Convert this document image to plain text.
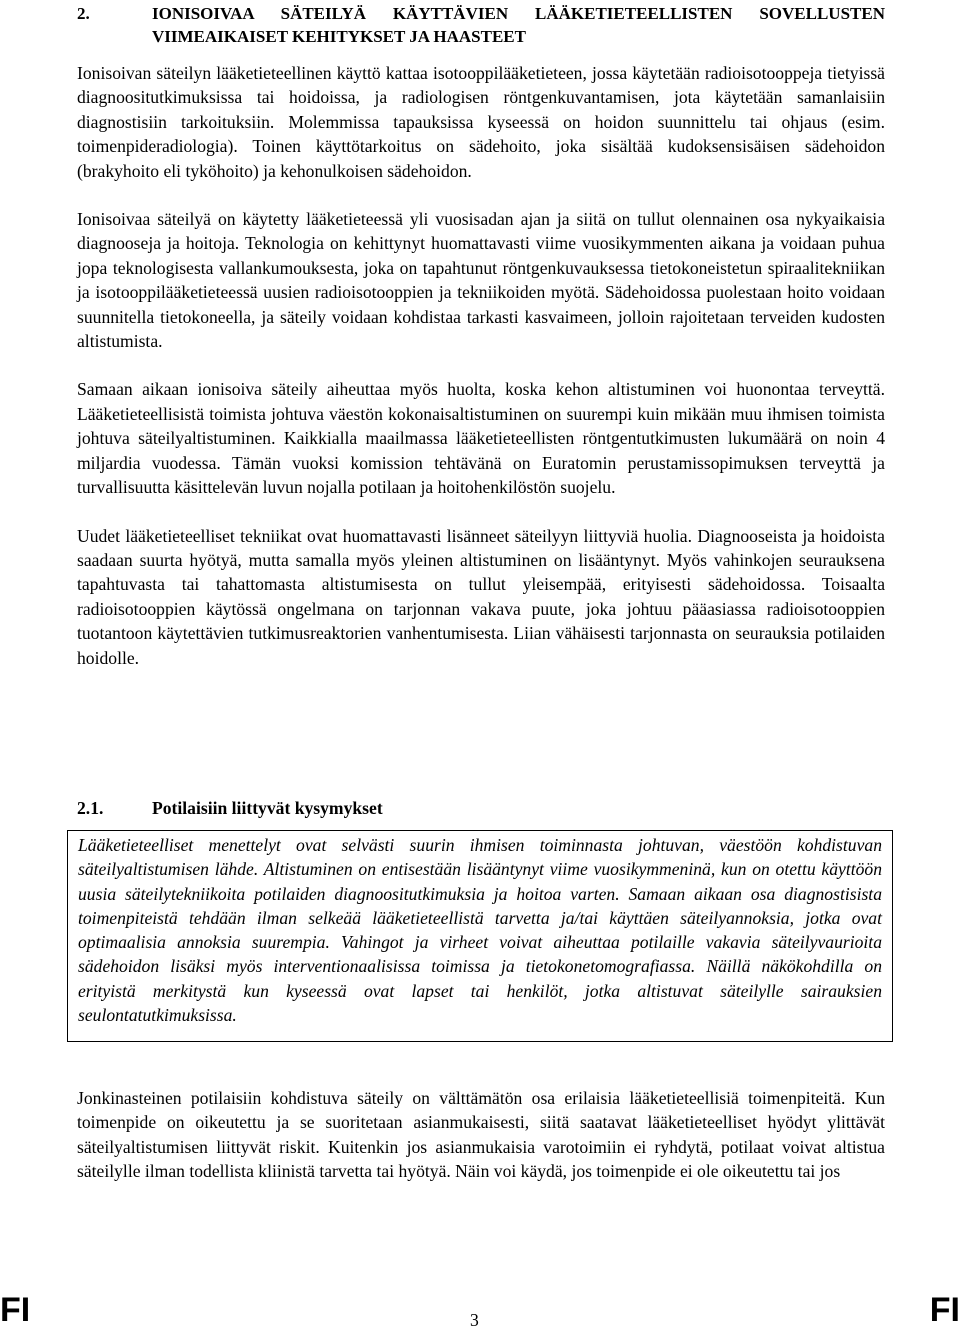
2.	IONISOIVAA SÄTEILYÄ KÄYTTÄVIEN LÄÄKETIETEELLISTEN SOVELLUSTEN VIIMEAIKAISET KEHITYKSET JA HAASTEET

Ionisoivan säteilyn lääketieteellinen käyttö kattaa isotooppilääketieteen, jossa käytetään radioisotooppeja tietyissä diagnoositutkimuksissa tai hoidoissa, ja radiologisen röntgenkuvantamisen, jota käytetään samanlaisiin diagnostisiin tarkoituksiin. Molemmissa tapauksissa kyseessä on hoidon suunnittelu tai ohjaus (esim. toimenpideradiologia). Toinen käyttötarkoitus on sädehoito, joka sisältää kudoksensisäisen sädehoidon (brakyhoito eli tyköhoito) ja kehonulkoisen sädehoidon.

Ionisoivaa säteilyä on käytetty lääketieteessä yli vuosisadan ajan ja siitä on tullut olennainen osa nykyaikaisia diagnooseja ja hoitoja. Teknologia on kehittynyt huomattavasti viime vuosikymmenten aikana ja voidaan puhua jopa teknologisesta vallankumouksesta, joka on tapahtunut röntgenkuvauksessa tietokoneistetun spiraalitekniikan ja isotooppilääketieteessä uusien radioisotooppien ja tekniikoiden myötä. Sädehoidossa puolestaan hoito voidaan suunnitella tietokoneella, ja säteily voidaan kohdistaa tarkasti kasvaimeen, jolloin rajoitetaan terveiden kudosten altistumista.

Samaan aikaan ionisoiva säteily aiheuttaa myös huolta, koska kehon altistuminen voi huonontaa terveyttä. Lääketieteellisistä toimista johtuva väestön kokonaisaltistuminen on suurempi kuin mikään muu ihmisen toimista johtuva säteilyaltistuminen. Kaikkialla maailmassa lääketieteellisten röntgentutkimusten lukumäärä on noin 4 miljardia vuodessa. Tämän vuoksi komission tehtävänä on Euratomin perustamissopimuksen terveyttä ja turvallisuutta käsittelevän luvun nojalla potilaan ja hoitohenkilöstön suojelu.

Uudet lääketieteelliset tekniikat ovat huomattavasti lisänneet säteilyyn liittyviä huolia. Diagnooseista ja hoidoista saadaan suurta hyötyä, mutta samalla myös yleinen altistuminen on lisääntynyt. Myös vahinkojen seurauksena tapahtuvasta tai tahattomasta altistumisesta on tullut yleisempää, erityisesti sädehoidossa. Toisaalta radioisotooppien käytössä ongelmana on tarjonnan vakava puute, joka johtuu pääasiassa radioisotooppien tuotantoon käytettävien tutkimusreaktorien vanhentumisesta. Liian vähäisesti tarjonnasta on seurauksia potilaiden hoidolle.

2.1.	Potilaisiin liittyvät kysymykset
Lääketieteelliset menettelyt ovat selvästi suurin ihmisen toiminnasta johtuvan, väestöön kohdistuvan säteilyaltistumisen lähde. Altistuminen on entisestään lisääntynyt viime vuosikymmeninä, kun on otettu käyttöön uusia säteilytekniikoita potilaiden diagnoositutkimuksia ja hoitoa varten. Samaan aikaan osa diagnostisista toimenpiteistä tehdään ilman selkeää lääketieteellistä tarvetta ja/tai käyttäen säteilyannoksia, jotka ovat optimaalisia annoksia suurempia. Vahingot ja virheet voivat aiheuttaa potilaille vakavia säteilyvaurioita sädehoidon lisäksi myös interventionaalisissa toimissa ja tietokonetomografiassa. Näillä näkökohdilla on erityistä merkitystä kun kyseessä ovat lapset tai henkilöt, jotka altistuvat säteilylle sairauksien seulontatutkimuksissa.

Jonkinasteinen potilaisiin kohdistuva säteily on välttämätön osa erilaisia lääketieteellisiä toimenpiteitä. Kun toimenpide on oikeutettu ja se suoritetaan asianmukaisesti, siitä saatavat lääketieteelliset hyödyt ylittävät säteilyaltistumisen liittyvät riskit. Kuitenkin jos asianmukaisia varotoimiin ei ryhdytä, potilaat voivat altistua säteilylle ilman todellista kliinistä tarvetta tai hyötyä. Näin voi käydä, jos toimenpide ei ole oikeutettu tai jos

FI	3	FI
